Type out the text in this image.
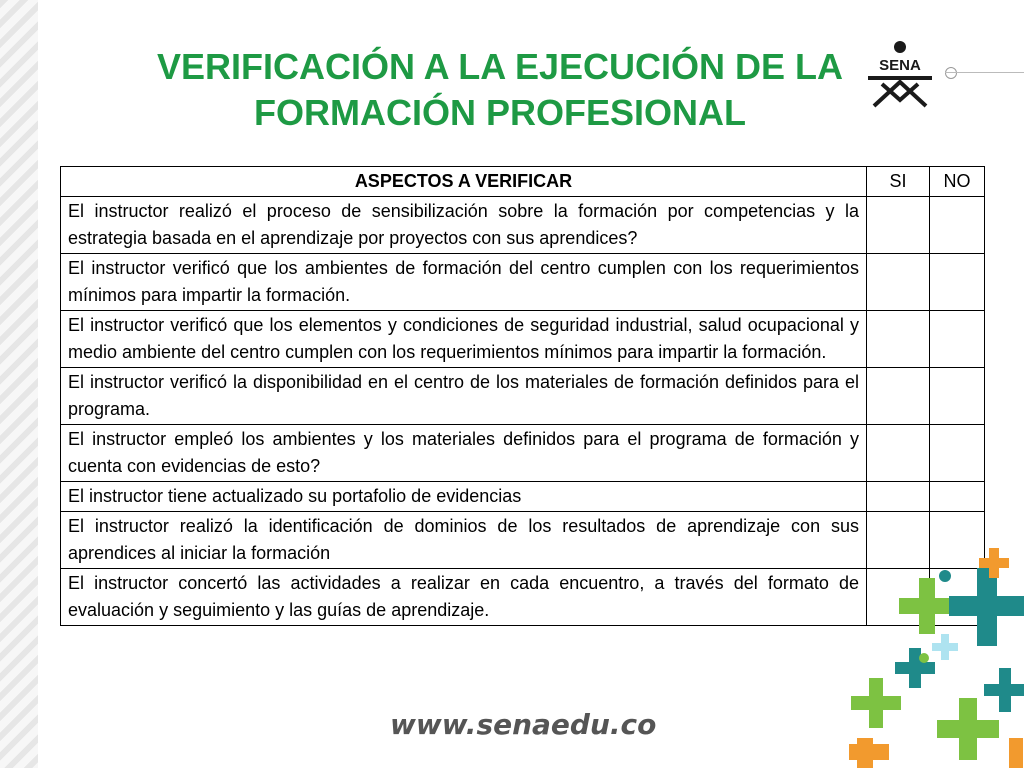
VERIFICACIÓN A LA EJECUCIÓN DE LA
FORMACIÓN PROFESIONAL
SENA
ASPECTOS A VERIFICAR	SI	NO
El instructor realizó el proceso de sensibilización sobre la formación por competencias y la estrategia basada en el aprendizaje por proyectos con sus aprendices?		
El instructor verificó que los ambientes de formación del centro cumplen con los requerimientos mínimos para impartir la formación.		
El instructor verificó que los elementos y condiciones de seguridad industrial, salud ocupacional y medio ambiente del centro cumplen con los requerimientos mínimos para impartir la formación.		
El instructor verificó la disponibilidad en el centro de los materiales de formación definidos para el programa.		
El instructor empleó los ambientes y los materiales definidos para el programa de formación y cuenta con evidencias de esto?		
El instructor tiene actualizado su portafolio de evidencias		
El instructor realizó la identificación de dominios de los resultados de aprendizaje con sus aprendices al iniciar la formación		
El instructor concertó las actividades a realizar en cada encuentro, a través del formato de evaluación y seguimiento y las guías de aprendizaje.		
www.senaedu.co
